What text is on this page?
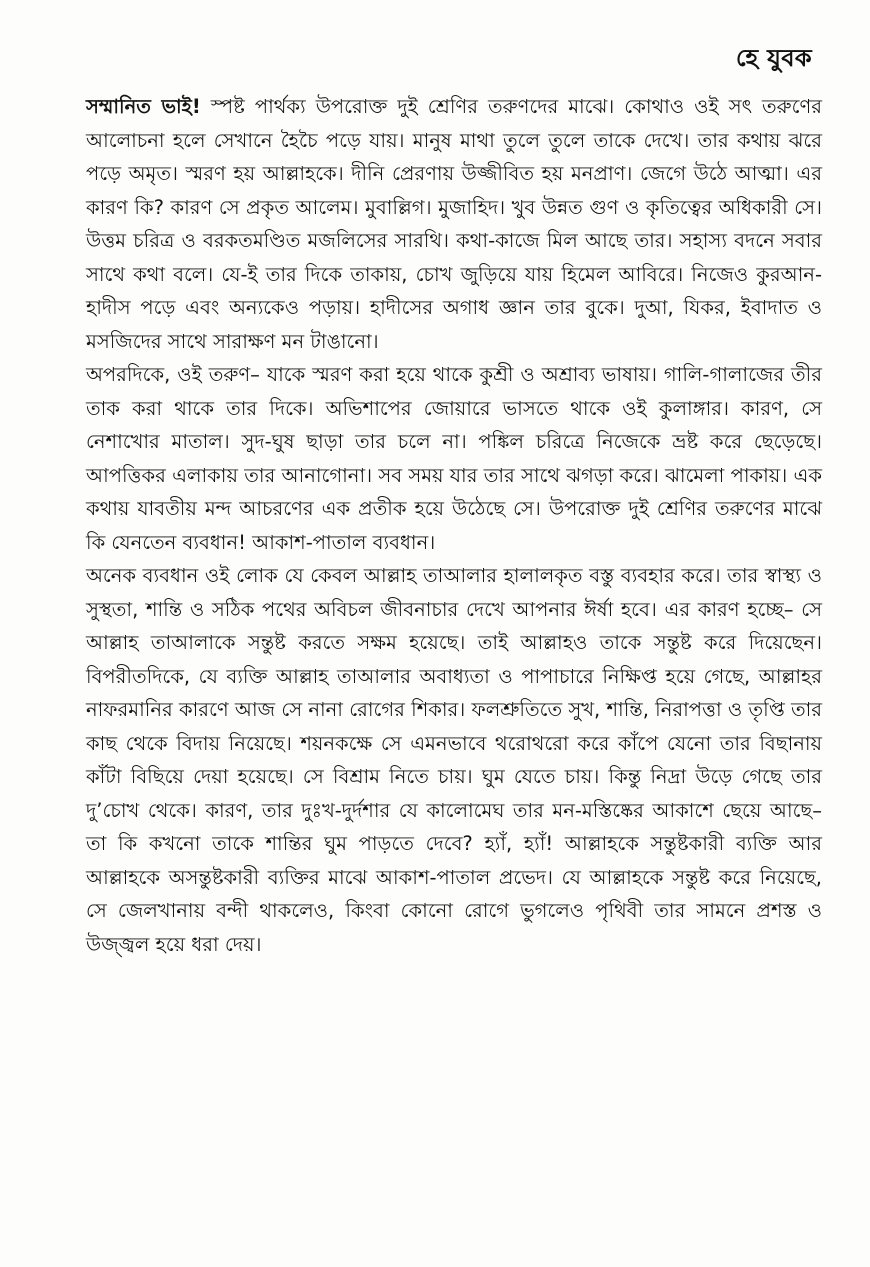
হে যুবক

সম্মানিত ভাই! স্পষ্ট পার্থক্য উপরোক্ত দুই শ্রেণির তরুণদের মাঝে। কোথাও ওই সৎ তরুণের আলোচনা হলে সেখানে হৈচৈ পড়ে যায়। মানুষ মাথা তুলে তুলে তাকে দেখে। তার কথায় ঝরে পড়ে অমৃত। স্মরণ হয় আল্লাহকে। দীনি প্রেরণায় উজ্জীবিত হয় মনপ্রাণ। জেগে উঠে আত্মা। এর কারণ কি? কারণ সে প্রকৃত আলেম। মুবাল্লিগ। মুজাহিদ। খুব উন্নত গুণ ও কৃতিত্বের অধিকারী সে। উত্তম চরিত্র ও বরকতমণ্ডিত মজলিসের সারথি। কথা-কাজে মিল আছে তার। সহাস্য বদনে সবার সাথে কথা বলে। যে-ই তার দিকে তাকায়, চোখ জুড়িয়ে যায় হিমেল আবিরে। নিজেও কুরআন-হাদীস পড়ে এবং অন্যকেও পড়ায়। হাদীসের অগাধ জ্ঞান তার বুকে। দুআ, যিকর, ইবাদাত ও মসজিদের সাথে সারাক্ষণ মন টাঙানো।

অপরদিকে, ওই তরুণ– যাকে স্মরণ করা হয়ে থাকে কুশ্রী ও অশ্রাব্য ভাষায়। গালি-গালাজের তীর তাক করা থাকে তার দিকে। অভিশাপের জোয়ারে ভাসতে থাকে ওই কুলাঙ্গার। কারণ, সে নেশাখোর মাতাল। সুদ-ঘুষ ছাড়া তার চলে না। পঙ্কিল চরিত্রে নিজেকে ভ্রষ্ট করে ছেড়েছে। আপত্তিকর এলাকায় তার আনাগোনা। সব সময় যার তার সাথে ঝগড়া করে। ঝামেলা পাকায়। এক কথায় যাবতীয় মন্দ আচরণের এক প্রতীক হয়ে উঠেছে সে। উপরোক্ত দুই শ্রেণির তরুণের মাঝে কি যেনতেন ব্যবধান! আকাশ-পাতাল ব্যবধান।

অনেক ব্যবধান ওই লোক যে কেবল আল্লাহ তাআলার হালালকৃত বস্তু ব্যবহার করে। তার স্বাস্থ্য ও সুস্থতা, শান্তি ও সঠিক পথের অবিচল জীবনাচার দেখে আপনার ঈর্ষা হবে। এর কারণ হচ্ছে– সে আল্লাহ তাআলাকে সন্তুষ্ট করতে সক্ষম হয়েছে। তাই আল্লাহও তাকে সন্তুষ্ট করে দিয়েছেন। বিপরীতদিকে, যে ব্যক্তি আল্লাহ তাআলার অবাধ্যতা ও পাপাচারে নিক্ষিপ্ত হয়ে গেছে, আল্লাহর নাফরমানির কারণে আজ সে নানা রোগের শিকার। ফলশ্রুতিতে সুখ, শান্তি, নিরাপত্তা ও তৃপ্তি তার কাছ থেকে বিদায় নিয়েছে। শয়নকক্ষে সে এমনভাবে থরোথরো করে কাঁপে যেনো তার বিছানায় কাঁটা বিছিয়ে দেয়া হয়েছে। সে বিশ্রাম নিতে চায়। ঘুম যেতে চায়। কিন্তু নিদ্রা উড়ে গেছে তার দু’চোখ থেকে। কারণ, তার দুঃখ-দুর্দশার যে কালোমেঘ তার মন-মস্তিষ্কের আকাশে ছেয়ে আছে– তা কি কখনো তাকে শান্তির ঘুম পাড়তে দেবে? হ্যাঁ, হ্যাঁ! আল্লাহকে সন্তুষ্টকারী ব্যক্তি আর আল্লাহকে অসন্তুষ্টকারী ব্যক্তির মাঝে আকাশ-পাতাল প্রভেদ। যে আল্লাহকে সন্তুষ্ট করে নিয়েছে, সে জেলখানায় বন্দী থাকলেও, কিংবা কোনো রোগে ভুগলেও পৃথিবী তার সামনে প্রশস্ত ও উজ্জ্বল হয়ে ধরা দেয়।
